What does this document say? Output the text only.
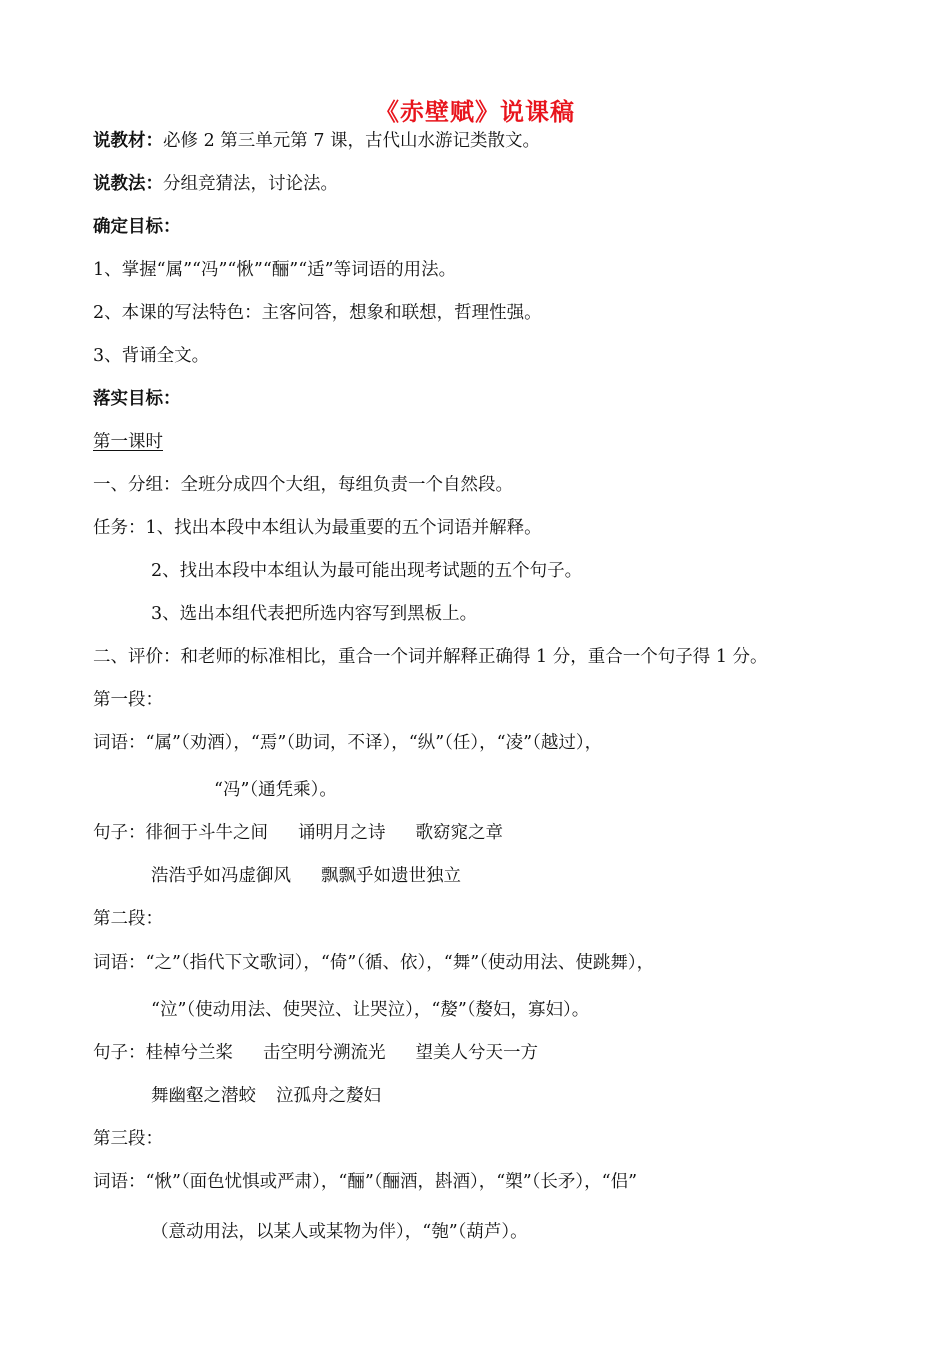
《赤壁赋》说课稿
说教材：必修 2 第三单元第 7 课，古代山水游记类散文。
说教法：分组竞猜法，讨论法。
确定目标：
1、掌握“属”“冯”“愀”“酾”“适”等词语的用法。
2、本课的写法特色：主客问答，想象和联想，哲理性强。
3、背诵全文。
落实目标：
第一课时
一、分组：全班分成四个大组，每组负责一个自然段。
任务：1、找出本段中本组认为最重要的五个词语并解释。
2、找出本段中本组认为最可能出现考试题的五个句子。
3、选出本组代表把所选内容写到黑板上。
二、评价：和老师的标准相比，重合一个词并解释正确得 1 分，重合一个句子得 1 分。
第一段：
词语：“属”（劝酒），“焉”（助词，不译），“纵”（任），“凌”（越过），
“冯”（通凭乘）。
句子：徘徊于斗牛之间 诵明月之诗 歌窈窕之章
浩浩乎如冯虚御风 飘飘乎如遗世独立
第二段：
词语：“之”（指代下文歌词），“倚”（循、依），“舞”（使动用法、使跳舞），
“泣”（使动用法、使哭泣、让哭泣），“嫠”（嫠妇，寡妇）。
句子：桂棹兮兰桨 击空明兮溯流光 望美人兮天一方
舞幽壑之潜蛟 泣孤舟之嫠妇
第三段：
词语：“愀”（面色忧惧或严肃），“酾”（酾酒，斟酒），“槊”（长矛），“侣”
（意动用法，以某人或某物为伴），“匏”（葫芦）。
